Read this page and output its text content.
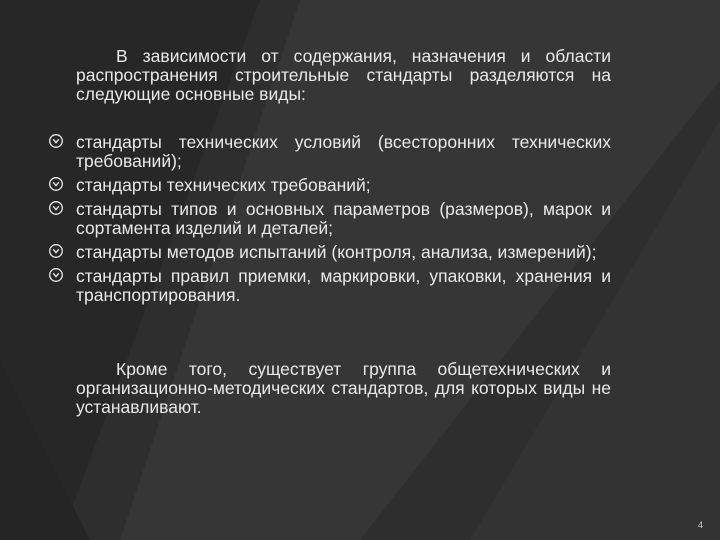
В зависимости от содержания, назначения и области распространения строительные стандарты разделяются на следующие основные виды:

стандарты технических условий (всесторонних технических требований);
стандарты технических требований;
стандарты типов и основных параметров (размеров), марок и сортамента изделий и деталей;
стандарты методов испытаний (контроля, анализа, измерений);
стандарты правил приемки, маркировки, упаковки, хранения и транспортирования.

Кроме того, существует группа общетехнических и организационно-методических стандартов, для которых виды не устанавливают.

4
